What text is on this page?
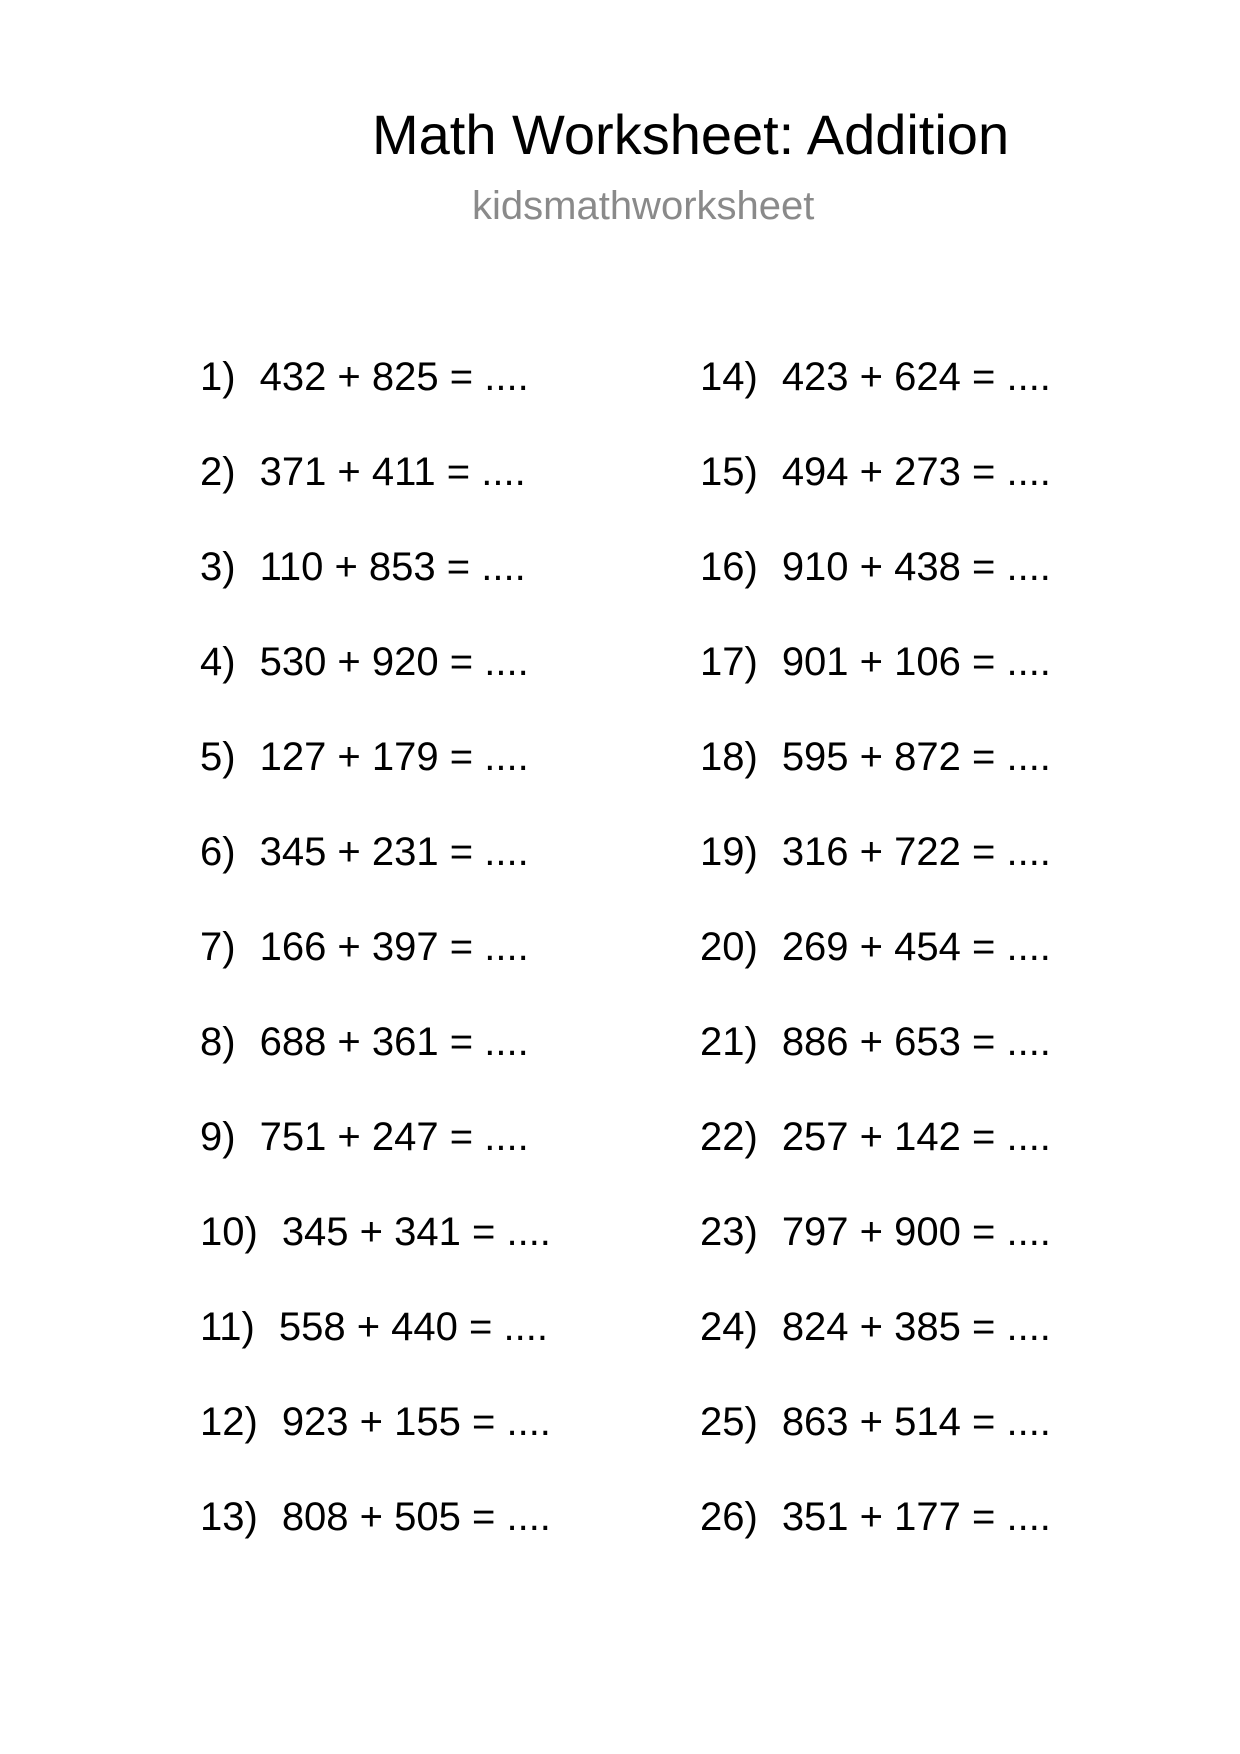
Math Worksheet: Addition
kidsmathworksheet
1) 432 + 825 = ....
2) 371 + 411 = ....
3) 110 + 853 = ....
4) 530 + 920 = ....
5) 127 + 179 = ....
6) 345 + 231 = ....
7) 166 + 397 = ....
8) 688 + 361 = ....
9) 751 + 247 = ....
10) 345 + 341 = ....
11) 558 + 440 = ....
12) 923 + 155 = ....
13) 808 + 505 = ....
14) 423 + 624 = ....
15) 494 + 273 = ....
16) 910 + 438 = ....
17) 901 + 106 = ....
18) 595 + 872 = ....
19) 316 + 722 = ....
20) 269 + 454 = ....
21) 886 + 653 = ....
22) 257 + 142 = ....
23) 797 + 900 = ....
24) 824 + 385 = ....
25) 863 + 514 = ....
26) 351 + 177 = ....
